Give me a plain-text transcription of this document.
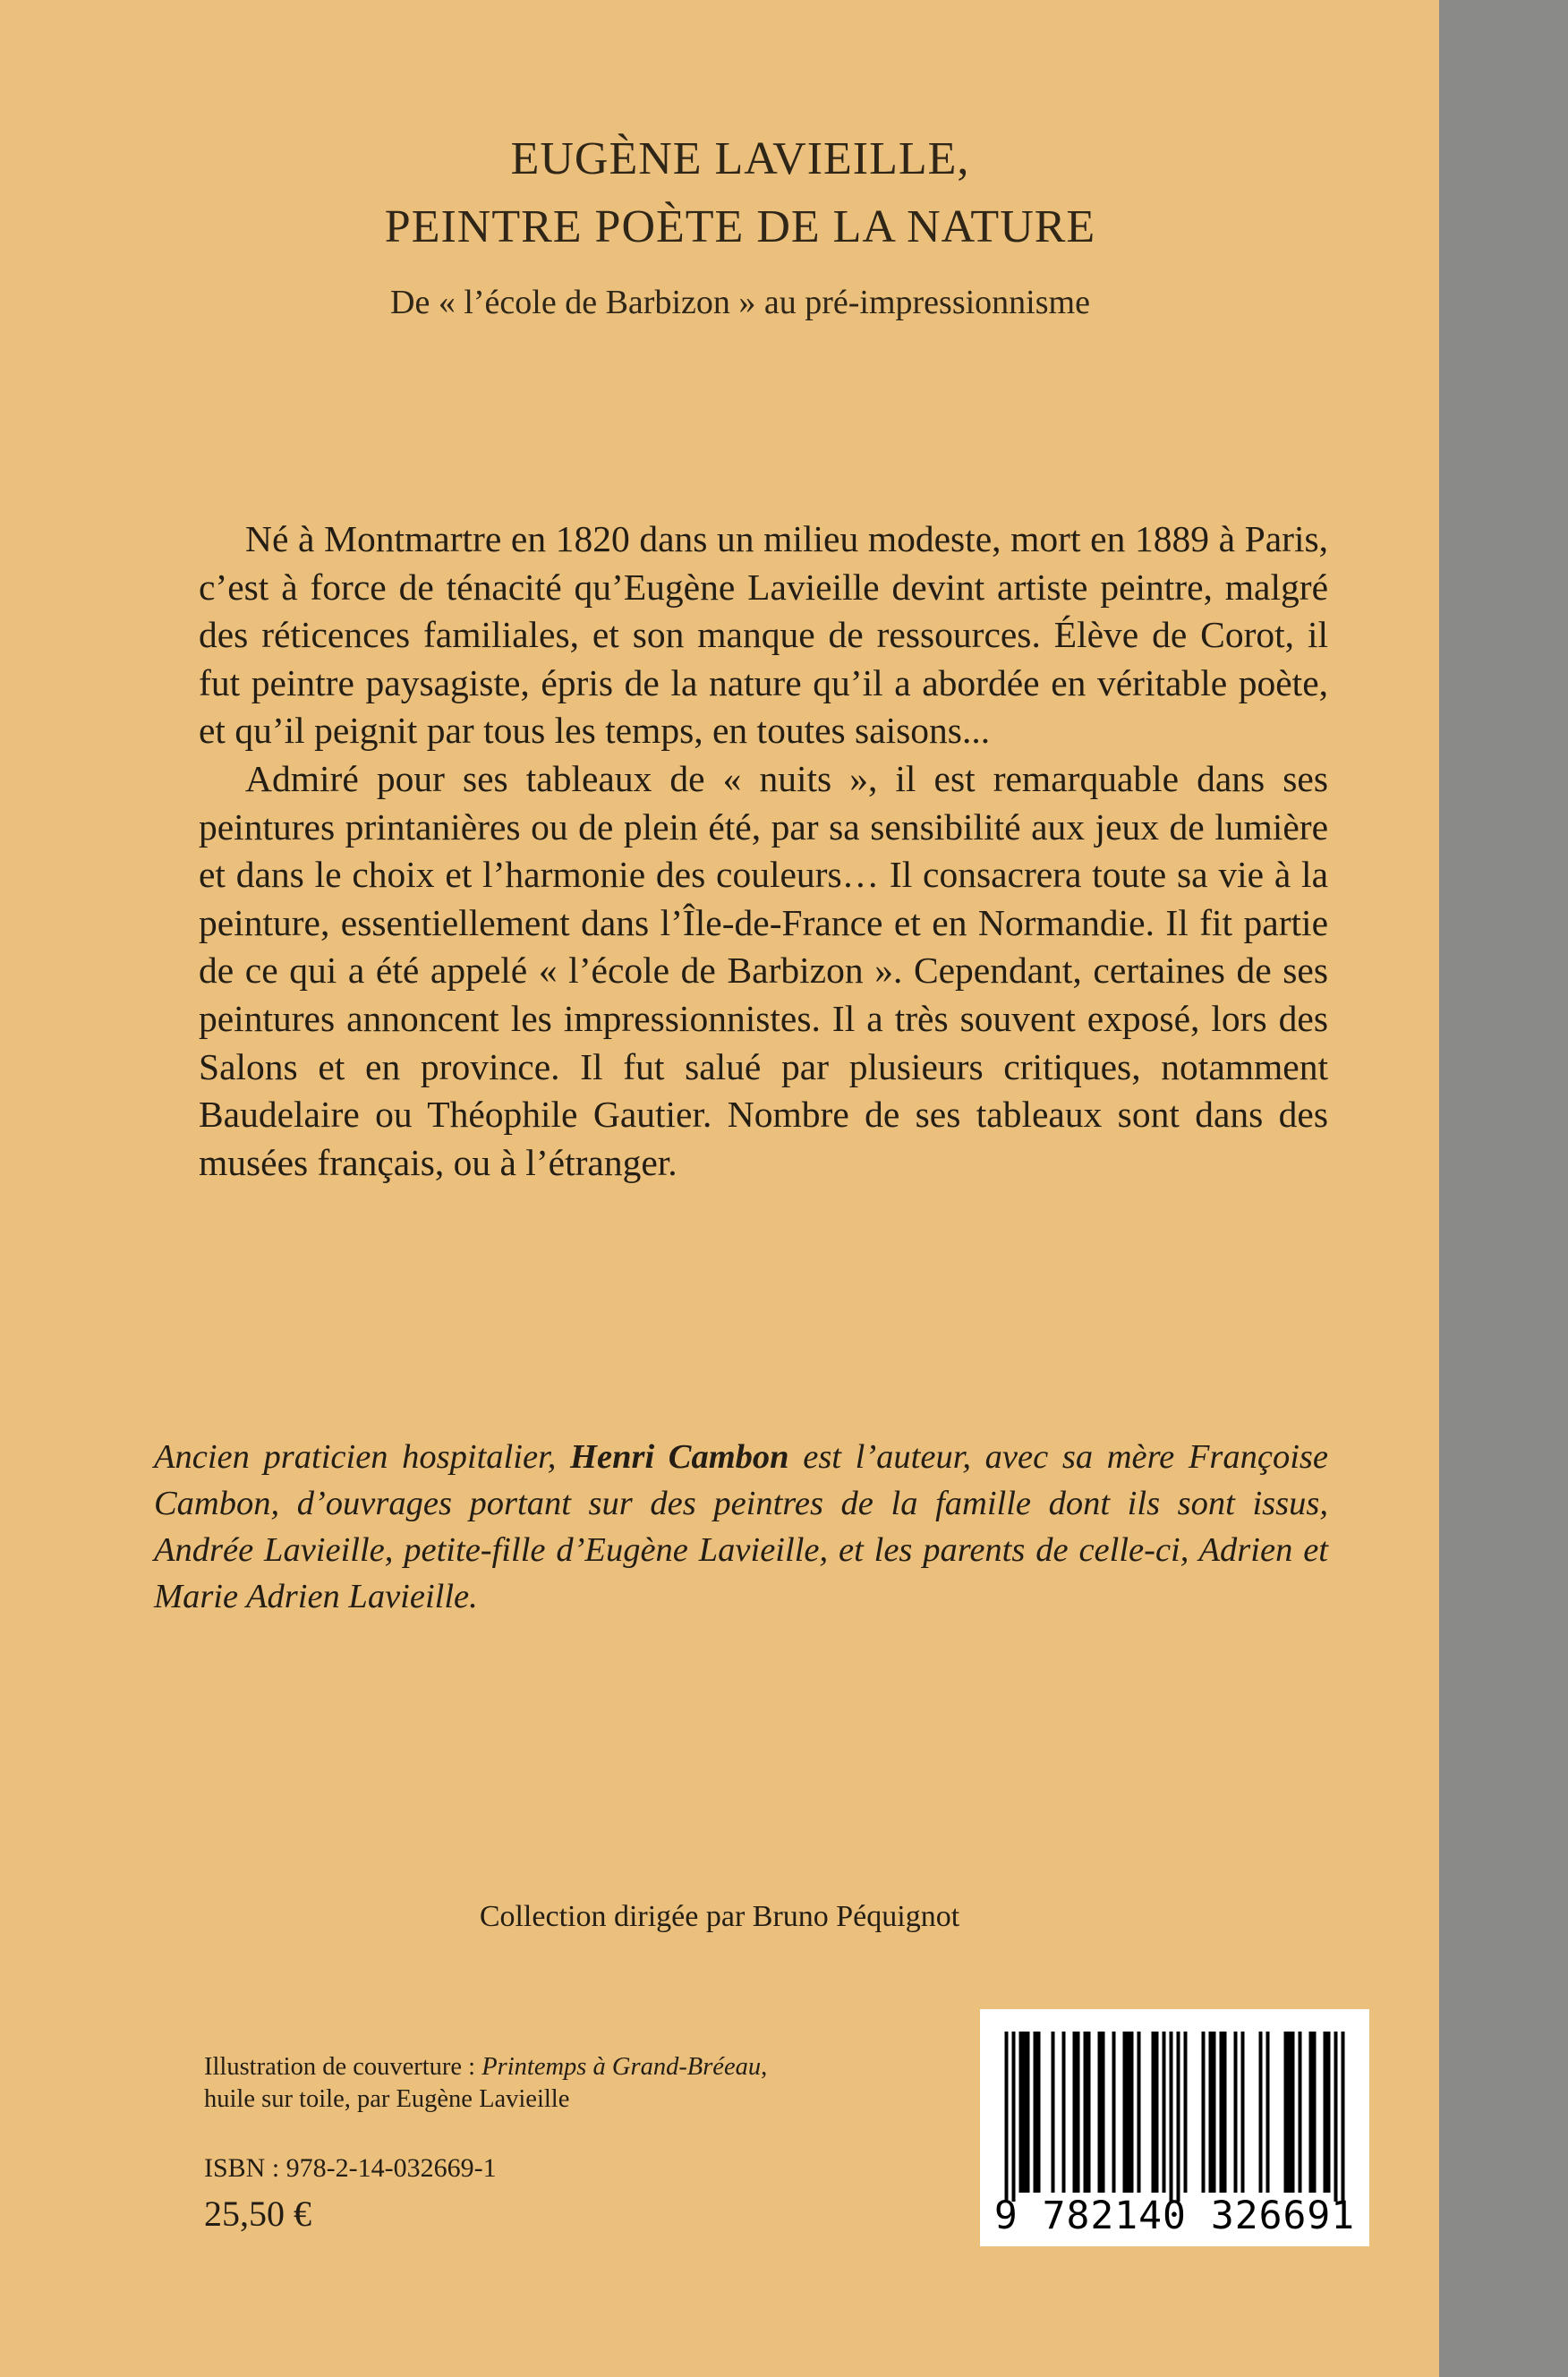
EUGÈNE LAVIEILLE,
PEINTRE POÈTE DE LA NATURE
De « l’école de Barbizon » au pré-impressionnisme

Né à Montmartre en 1820 dans un milieu modeste, mort en 1889 à Paris, c’est à force de ténacité qu’Eugène Lavieille devint artiste peintre, malgré des réticences familiales, et son manque de ressources. Élève de Corot, il fut peintre paysagiste, épris de la nature qu’il a abordée en véritable poète, et qu’il peignit par tous les temps, en toutes saisons...

Admiré pour ses tableaux de « nuits », il est remarquable dans ses peintures printanières ou de plein été, par sa sensibilité aux jeux de lumière et dans le choix et l’harmonie des couleurs… Il consacrera toute sa vie à la peinture, essentiellement dans l’Île-de-France et en Normandie. Il fit partie de ce qui a été appelé « l’école de Barbizon ». Cependant, certaines de ses peintures annoncent les impressionnistes. Il a très souvent exposé, lors des Salons et en province. Il fut salué par plusieurs critiques, notamment Baudelaire ou Théophile Gautier. Nombre de ses tableaux sont dans des musées français, ou à l’étranger.

Ancien praticien hospitalier, Henri Cambon est l’auteur, avec sa mère Françoise Cambon, d’ouvrages portant sur des peintres de la famille dont ils sont issus, Andrée Lavieille, petite-fille d’Eugène Lavieille, et les parents de celle-ci, Adrien et Marie Adrien Lavieille.
Collection dirigée par Bruno Péquignot
Illustration de couverture : Printemps à Grand-Bréeau,
huile sur toile, par Eugène Lavieille
ISBN : 978-2-14-032669-1
25,50 €	9 782140 326691
